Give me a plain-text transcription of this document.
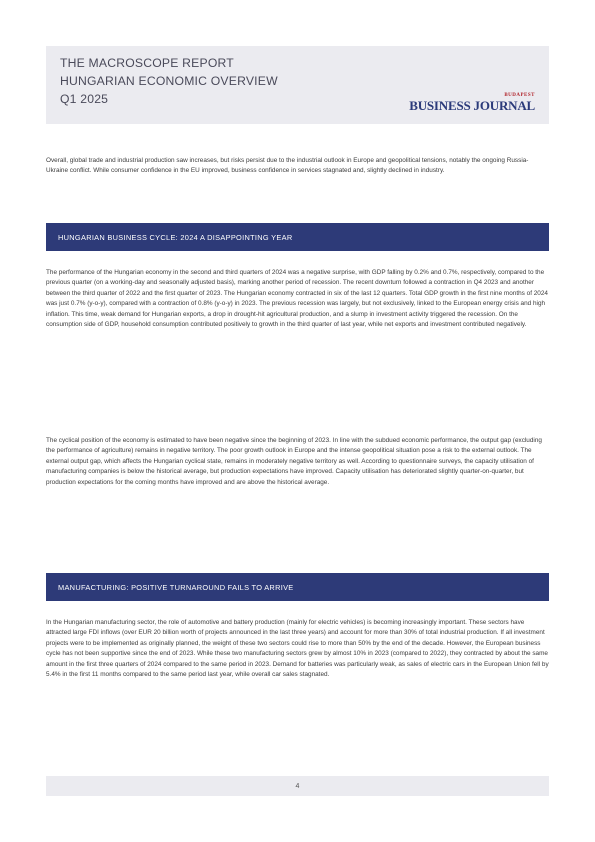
THE MACROSCOPE REPORT
HUNGARIAN ECONOMIC OVERVIEW
Q1 2025	BUDAPEST
BUSINESS JOURNAL

Overall, global trade and industrial production saw increases, but risks persist due to the industrial outlook in Europe and geopolitical tensions, notably the ongoing Russia-Ukraine conflict. While consumer confidence in the EU improved, business confidence in services stagnated and, slightly declined in industry.

HUNGARIAN BUSINESS CYCLE: 2024 A DISAPPOINTING YEAR

The performance of the Hungarian economy in the second and third quarters of 2024 was a negative surprise, with GDP falling by 0.2% and 0.7%, respectively, compared to the previous quarter (on a working-day and seasonally adjusted basis), marking another period of recession. The recent downturn followed a contraction in Q4 2023 and another between the third quarter of 2022 and the first quarter of 2023. The Hungarian economy contracted in six of the last 12 quarters. Total GDP growth in the first nine months of 2024 was just 0.7% (y-o-y), compared with a contraction of 0.8% (y-o-y) in 2023. The previous recession was largely, but not exclusively, linked to the European energy crisis and high inflation. This time, weak demand for Hungarian exports, a drop in drought-hit agricultural production, and a slump in investment activity triggered the recession. On the consumption side of GDP, household consumption contributed positively to growth in the third quarter of last year, while net exports and investment contributed negatively.

The cyclical position of the economy is estimated to have been negative since the beginning of 2023. In line with the subdued economic performance, the output gap (excluding the performance of agriculture) remains in negative territory. The poor growth outlook in Europe and the intense geopolitical situation pose a risk to the external outlook. The external output gap, which affects the Hungarian cyclical state, remains in moderately negative territory as well. According to questionnaire surveys, the capacity utilisation of manufacturing companies is below the historical average, but production expectations have improved. Capacity utilisation has deteriorated slightly quarter-on-quarter, but production expectations for the coming months have improved and are above the historical average.

MANUFACTURING: POSITIVE TURNAROUND FAILS TO ARRIVE

In the Hungarian manufacturing sector, the role of automotive and battery production (mainly for electric vehicles) is becoming increasingly important. These sectors have attracted large FDI inflows (over EUR 20 billion worth of projects announced in the last three years) and account for more than 30% of total industrial production. If all investment projects were to be implemented as originally planned, the weight of these two sectors could rise to more than 50% by the end of the decade. However, the European business cycle has not been supportive since the end of 2023. While these two manufacturing sectors grew by almost 10% in 2023 (compared to 2022), they contracted by about the same amount in the first three quarters of 2024 compared to the same period in 2023. Demand for batteries was particularly weak, as sales of electric cars in the European Union fell by 5.4% in the first 11 months compared to the same period last year, while overall car sales stagnated.

4
